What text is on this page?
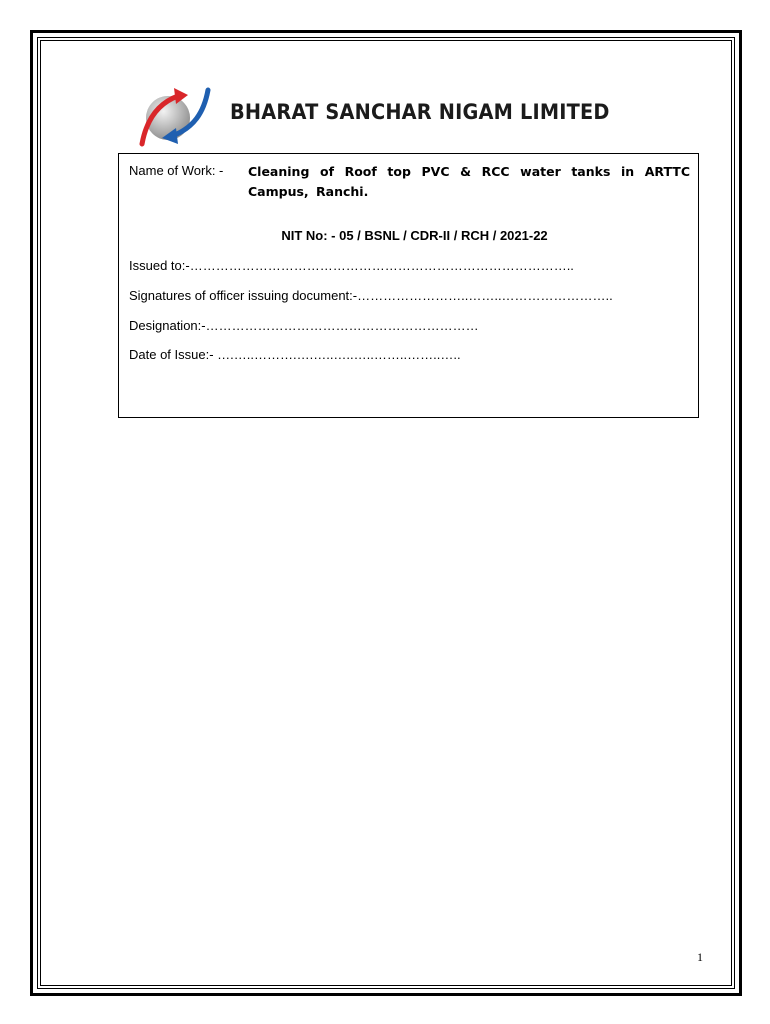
BHARAT SANCHAR NIGAM LIMITED
Name of Work: - Cleaning of Roof top PVC & RCC water tanks in ARTTC Campus, Ranchi.
NIT No: - 05 / BSNL / CDR-II / RCH / 2021-22
Issued to:-……………………………………………………………………………..
Signatures of officer issuing document:-……………………..……..……………………..
Designation:-………………………………………………………
Date of Issue:- ….…..……….….…..…..…..……..……..…..
1
